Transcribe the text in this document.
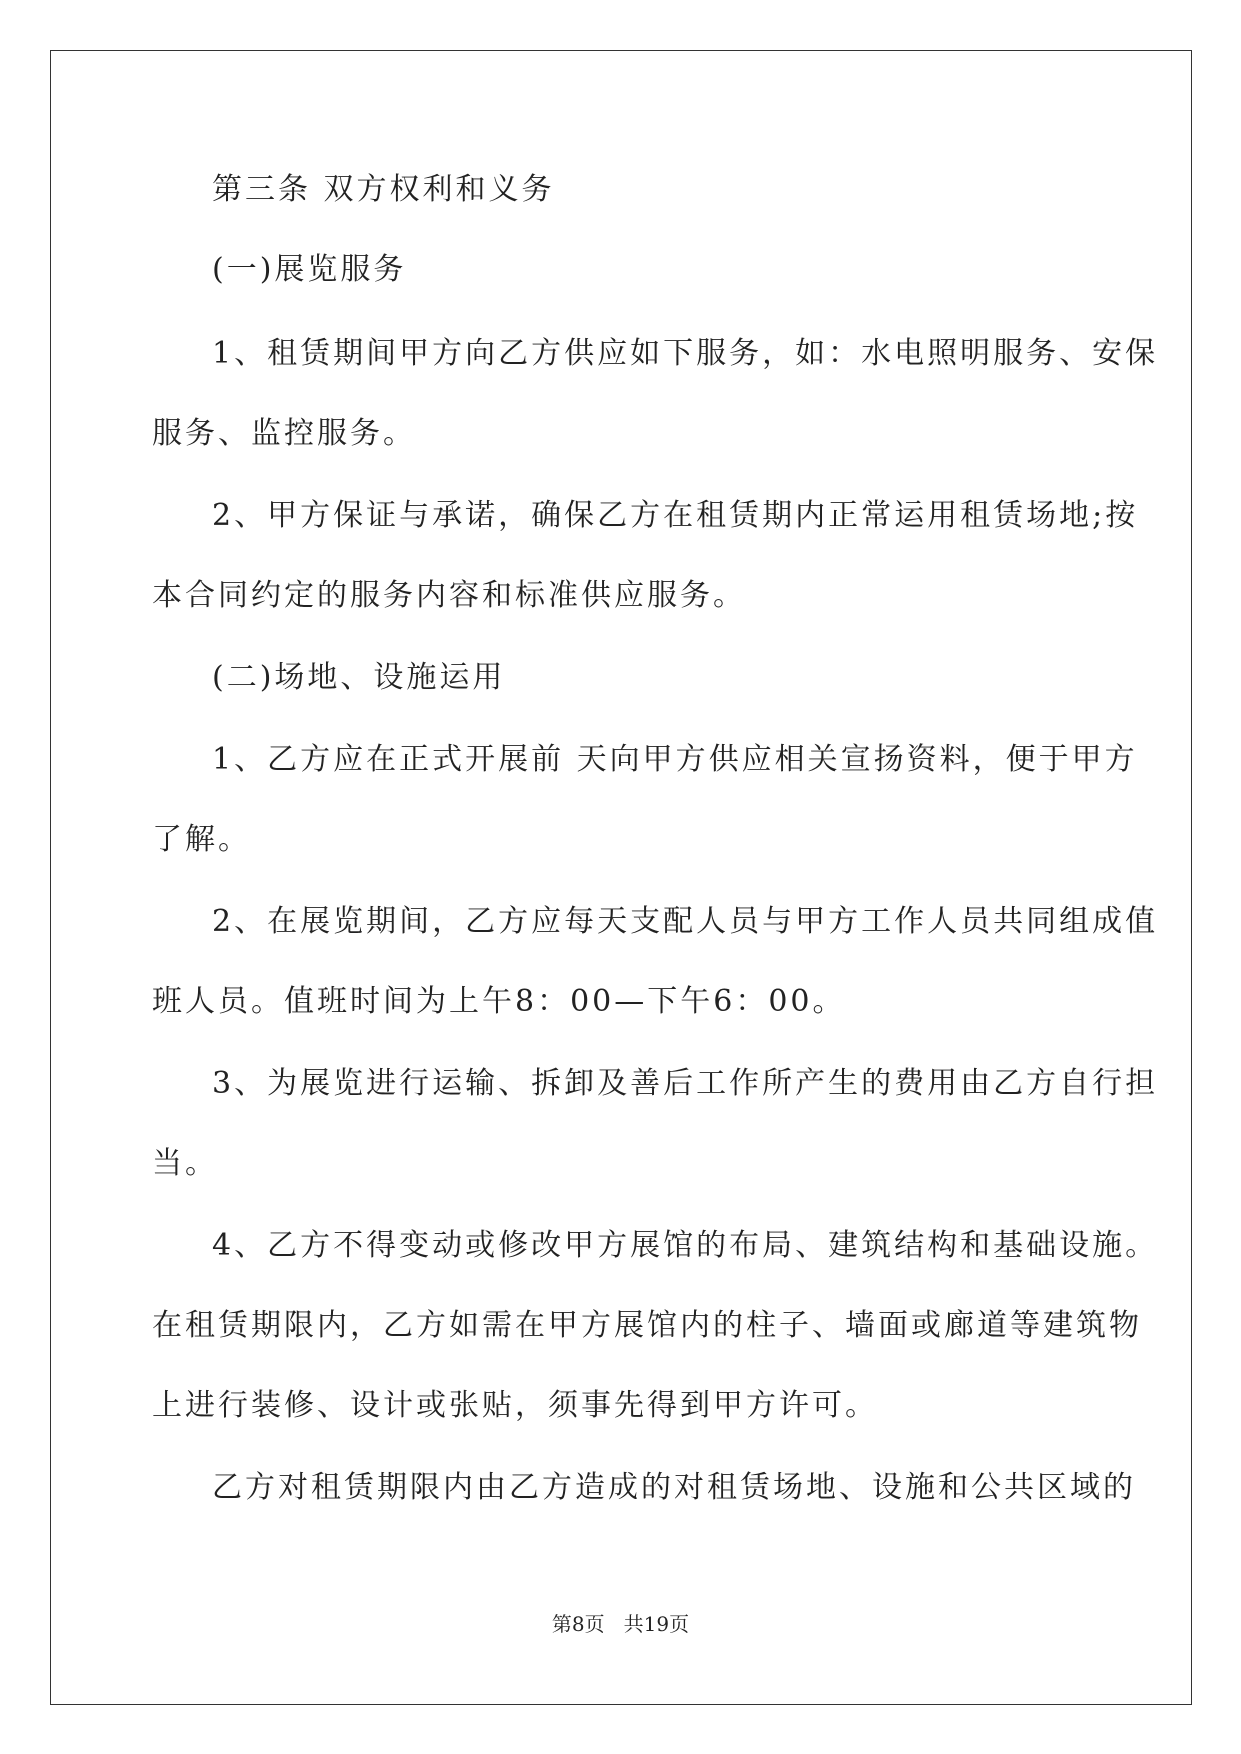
第三条 双方权利和义务

(一)展览服务

1、租赁期间甲方向乙方供应如下服务，如：水电照明服务、安保

服务、监控服务。

2、甲方保证与承诺，确保乙方在租赁期内正常运用租赁场地;按

本合同约定的服务内容和标准供应服务。

(二)场地、设施运用

1、乙方应在正式开展前 天向甲方供应相关宣扬资料，便于甲方

了解。

2、在展览期间，乙方应每天支配人员与甲方工作人员共同组成值

班人员。值班时间为上午8：00—下午6：00。

3、为展览进行运输、拆卸及善后工作所产生的费用由乙方自行担

当。

4、乙方不得变动或修改甲方展馆的布局、建筑结构和基础设施。

在租赁期限内，乙方如需在甲方展馆内的柱子、墙面或廊道等建筑物

上进行装修、设计或张贴，须事先得到甲方许可。

乙方对租赁期限内由乙方造成的对租赁场地、设施和公共区域的

第8页   共19页
